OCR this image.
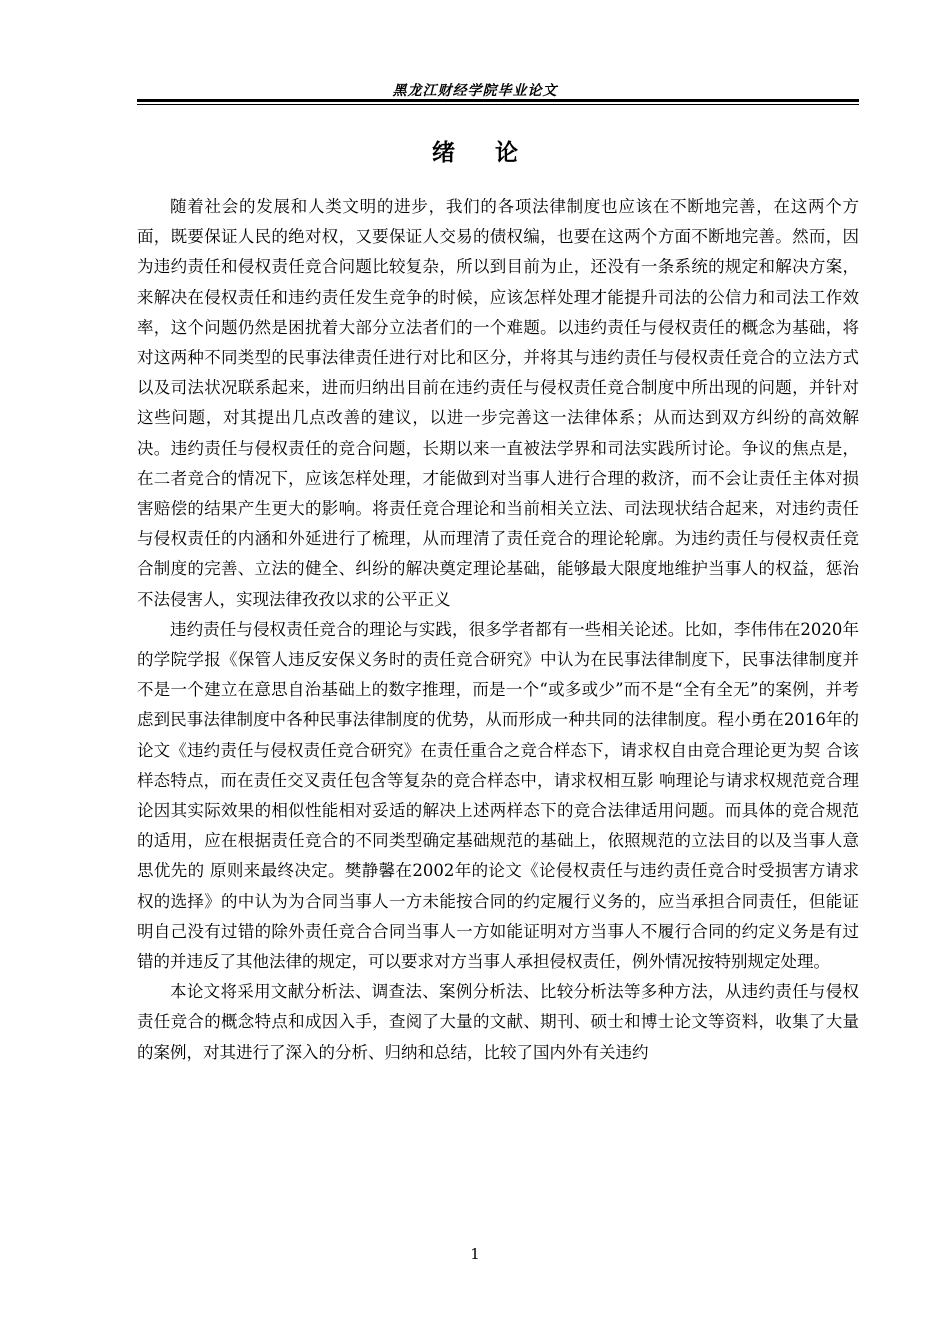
黑龙江财经学院毕业论文
绪论

随着社会的发展和人类文明的进步，我们的各项法律制度也应该在不断地完善，在这两个方面，既要保证人民的绝对权，又要保证人交易的债权编，也要在这两个方面不断地完善。然而，因为违约责任和侵权责任竞合问题比较复杂，所以到目前为止，还没有一条系统的规定和解决方案，来解决在侵权责任和违约责任发生竞争的时候，应该怎样处理才能提升司法的公信力和司法工作效率，这个问题仍然是困扰着大部分立法者们的一个难题。以违约责任与侵权责任的概念为基础，将对这两种不同类型的民事法律责任进行对比和区分，并将其与违约责任与侵权责任竞合的立法方式以及司法状况联系起来，进而归纳出目前在违约责任与侵权责任竞合制度中所出现的问题，并针对这些问题，对其提出几点改善的建议，以进一步完善这一法律体系；从而达到双方纠纷的高效解决。违约责任与侵权责任的竞合问题，长期以来一直被法学界和司法实践所讨论。争议的焦点是，在二者竞合的情况下，应该怎样处理，才能做到对当事人进行合理的救济，而不会让责任主体对损害赔偿的结果产生更大的影响。将责任竞合理论和当前相关立法、司法现状结合起来，对违约责任与侵权责任的内涵和外延进行了梳理，从而理清了责任竞合的理论轮廓。为违约责任与侵权责任竞合制度的完善、立法的健全、纠纷的解决奠定理论基础，能够最大限度地维护当事人的权益，惩治不法侵害人，实现法律孜孜以求的公平正义

违约责任与侵权责任竞合的理论与实践，很多学者都有一些相关论述。比如，李伟伟在2020年的学院学报《保管人违反安保义务时的责任竞合研究》中认为在民事法律制度下，民事法律制度并不是一个建立在意思自治基础上的数字推理，而是一个“或多或少”而不是“全有全无”的案例，并考虑到民事法律制度中各种民事法律制度的优势，从而形成一种共同的法律制度。程小勇在2016年的论文《违约责任与侵权责任竞合研究》在责任重合之竞合样态下，请求权自由竞合理论更为契 合该样态特点，而在责任交叉责任包含等复杂的竞合样态中，请求权相互影 响理论与请求权规范竞合理论因其实际效果的相似性能相对妥适的解决上述两样态下的竞合法律适用问题。而具体的竞合规范的适用，应在根据责任竞合的不同类型确定基础规范的基础上，依照规范的立法目的以及当事人意思优先的 原则来最终决定。樊静馨在2002年的论文《论侵权责任与违约责任竞合时受损害方请求权的选择》的中认为为合同当事人一方未能按合同的约定履行义务的，应当承担合同责任，但能证明自己没有过错的除外责任竞合合同当事人一方如能证明对方当事人不履行合同的约定义务是有过错的并违反了其他法律的规定，可以要求对方当事人承担侵权责任，例外情况按特别规定处理。

本论文将采用文献分析法、调查法、案例分析法、比较分析法等多种方法，从违约责任与侵权责任竞合的概念特点和成因入手，查阅了大量的文献、期刊、硕士和博士论文等资料，收集了大量的案例，对其进行了深入的分析、归纳和总结，比较了国内外有关违约

1
